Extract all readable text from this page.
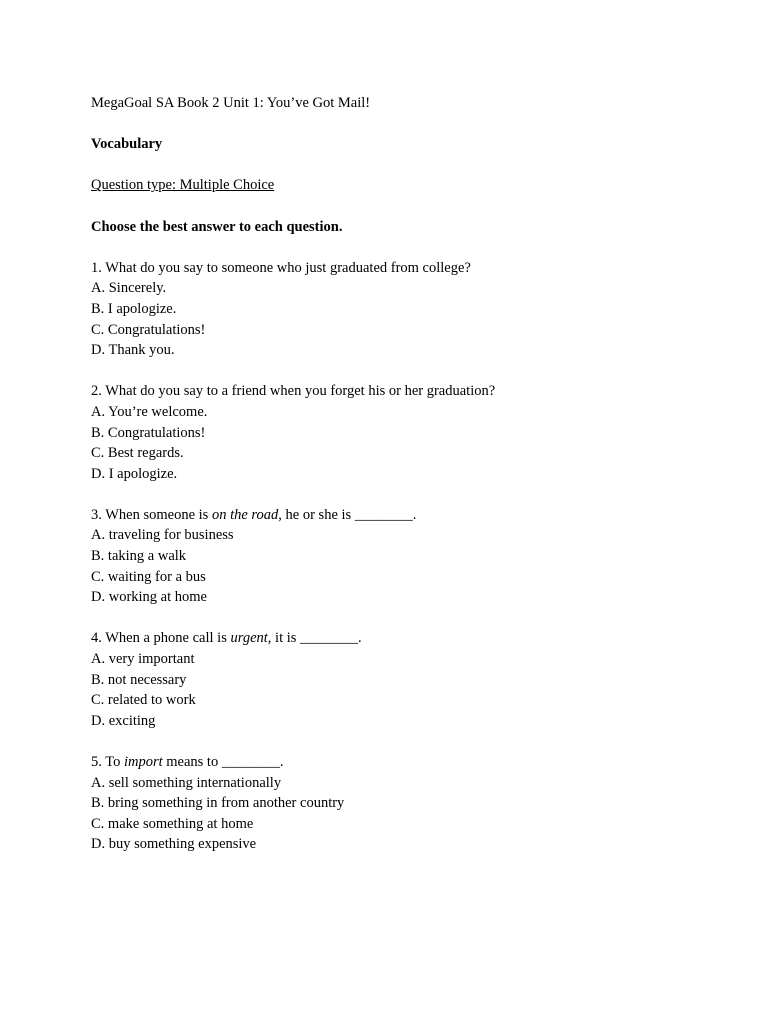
MegaGoal SA Book 2 Unit 1: You’ve Got Mail!
Vocabulary
Question type: Multiple Choice
Choose the best answer to each question.
1. What do you say to someone who just graduated from college?
A. Sincerely.
B. I apologize.
C. Congratulations!
D. Thank you.
2. What do you say to a friend when you forget his or her graduation?
A. You’re welcome.
B. Congratulations!
C. Best regards.
D. I apologize.
3. When someone is on the road, he or she is ________.
A. traveling for business
B. taking a walk
C. waiting for a bus
D. working at home
4. When a phone call is urgent, it is ________.
A. very important
B. not necessary
C. related to work
D. exciting
5. To import means to ________.
A. sell something internationally
B. bring something in from another country
C. make something at home
D. buy something expensive
